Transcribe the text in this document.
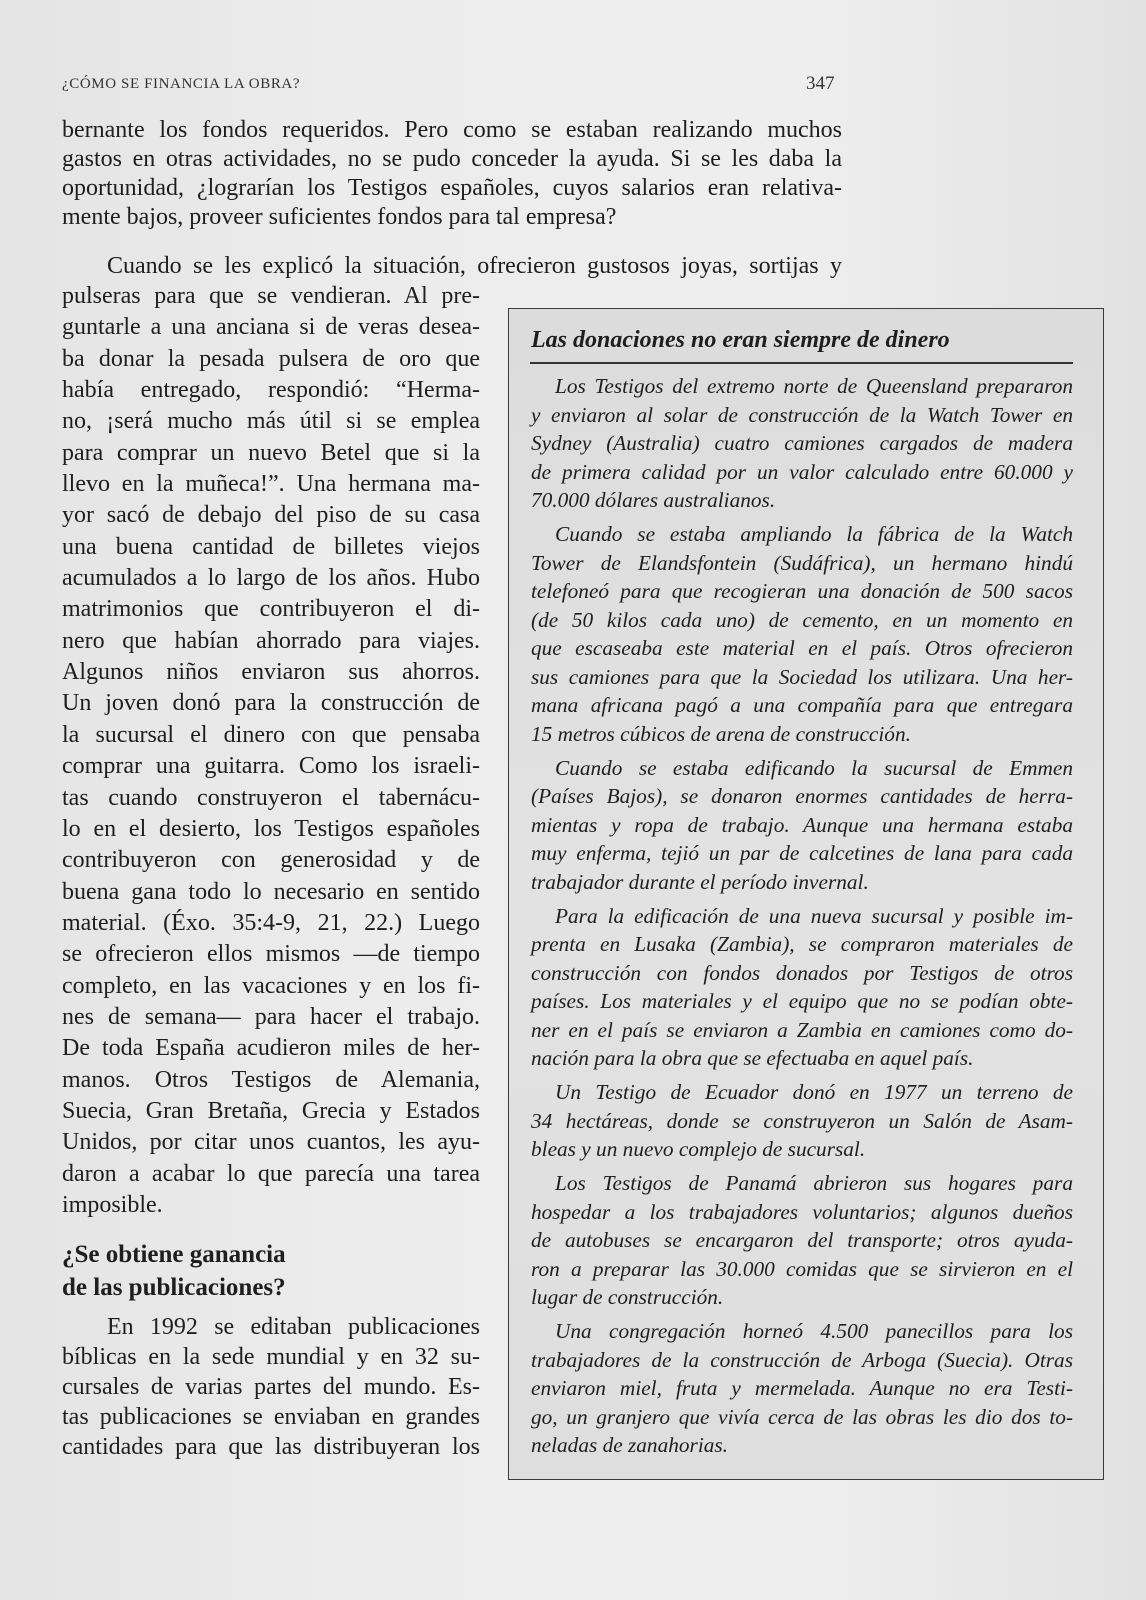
¿CÓMO SE FINANCIA LA OBRA?	347
bernante los fondos requeridos. Pero como se estaban realizando muchos
gastos en otras actividades, no se pudo conceder la ayuda. Si se les daba la
oportunidad, ¿lograrían los Testigos españoles, cuyos salarios eran relativa-
mente bajos, proveer suficientes fondos para tal empresa?
Cuando se les explicó la situación, ofrecieron gustosos joyas, sortijas y
pulseras para que se vendieran. Al pre-
guntarle a una anciana si de veras desea-
ba donar la pesada pulsera de oro que
había entregado, respondió: “Herma-
no, ¡será mucho más útil si se emplea
para comprar un nuevo Betel que si la
llevo en la muñeca!”. Una hermana ma-
yor sacó de debajo del piso de su casa
una buena cantidad de billetes viejos
acumulados a lo largo de los años. Hubo
matrimonios que contribuyeron el di-
nero que habían ahorrado para viajes.
Algunos niños enviaron sus ahorros.
Un joven donó para la construcción de
la sucursal el dinero con que pensaba
comprar una guitarra. Como los israeli-
tas cuando construyeron el tabernácu-
lo en el desierto, los Testigos españoles
contribuyeron con generosidad y de
buena gana todo lo necesario en sentido
material. (Éxo. 35:4-9, 21, 22.) Luego
se ofrecieron ellos mismos —de tiempo
completo, en las vacaciones y en los fi-
nes de semana— para hacer el trabajo.
De toda España acudieron miles de her-
manos. Otros Testigos de Alemania,
Suecia, Gran Bretaña, Grecia y Estados
Unidos, por citar unos cuantos, les ayu-
daron a acabar lo que parecía una tarea
imposible.
¿Se obtiene ganancia
de las publicaciones?
En 1992 se editaban publicaciones
bíblicas en la sede mundial y en 32 su-
cursales de varias partes del mundo. Es-
tas publicaciones se enviaban en grandes
cantidades para que las distribuyeran los
Las donaciones no eran siempre de dinero
Los Testigos del extremo norte de Queensland prepararon
y enviaron al solar de construcción de la Watch Tower en
Sydney (Australia) cuatro camiones cargados de madera
de primera calidad por un valor calculado entre 60.000 y
70.000 dólares australianos.
Cuando se estaba ampliando la fábrica de la Watch
Tower de Elandsfontein (Sudáfrica), un hermano hindú
telefoneó para que recogieran una donación de 500 sacos
(de 50 kilos cada uno) de cemento, en un momento en
que escaseaba este material en el país. Otros ofrecieron
sus camiones para que la Sociedad los utilizara. Una her-
mana africana pagó a una compañía para que entregara
15 metros cúbicos de arena de construcción.
Cuando se estaba edificando la sucursal de Emmen
(Países Bajos), se donaron enormes cantidades de herra-
mientas y ropa de trabajo. Aunque una hermana estaba
muy enferma, tejió un par de calcetines de lana para cada
trabajador durante el período invernal.
Para la edificación de una nueva sucursal y posible im-
prenta en Lusaka (Zambia), se compraron materiales de
construcción con fondos donados por Testigos de otros
países. Los materiales y el equipo que no se podían obte-
ner en el país se enviaron a Zambia en camiones como do-
nación para la obra que se efectuaba en aquel país.
Un Testigo de Ecuador donó en 1977 un terreno de
34 hectáreas, donde se construyeron un Salón de Asam-
bleas y un nuevo complejo de sucursal.
Los Testigos de Panamá abrieron sus hogares para
hospedar a los trabajadores voluntarios; algunos dueños
de autobuses se encargaron del transporte; otros ayuda-
ron a preparar las 30.000 comidas que se sirvieron en el
lugar de construcción.
Una congregación horneó 4.500 panecillos para los
trabajadores de la construcción de Arboga (Suecia). Otras
enviaron miel, fruta y mermelada. Aunque no era Testi-
go, un granjero que vivía cerca de las obras les dio dos to-
neladas de zanahorias.
